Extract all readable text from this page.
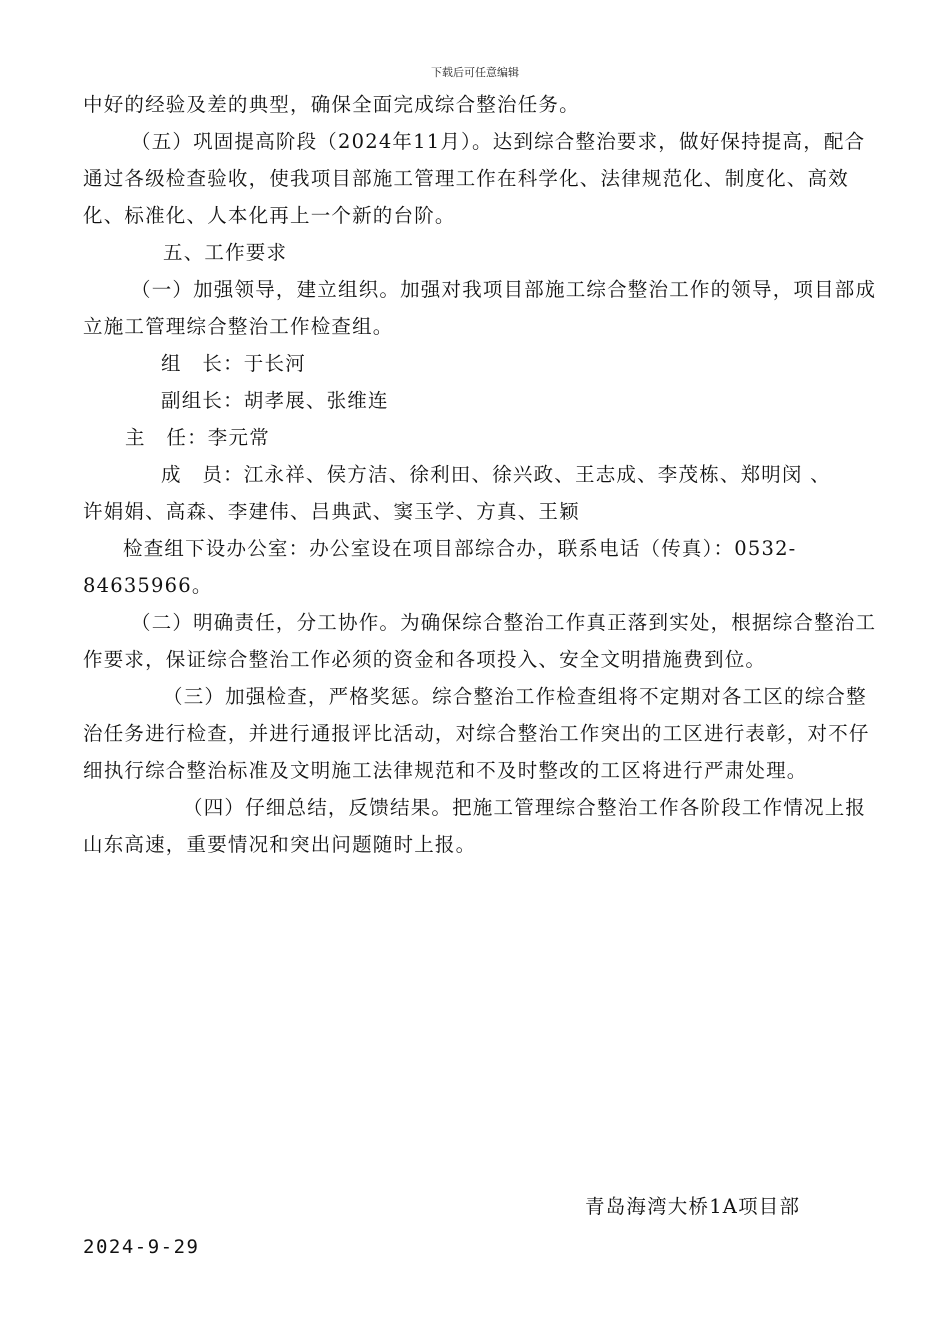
下载后可任意编辑

中好的经验及差的典型，确保全面完成综合整治任务。

（五）巩固提高阶段（2024年11月）。达到综合整治要求，做好保持提高，配合通过各级检查验收，使我项目部施工管理工作在科学化、法律规范化、制度化、高效化、标准化、人本化再上一个新的台阶。

五、工作要求

（一）加强领导，建立组织。加强对我项目部施工综合整治工作的领导，项目部成立施工管理综合整治工作检查组。

组　长：于长河

副组长：胡孝展、张维连

主　任：李元常

成　员：江永祥、侯方洁、徐利田、徐兴政、王志成、李茂栋、郑明闵 、

许娟娟、高森、李建伟、吕典武、窦玉学、方真、王颖

检查组下设办公室：办公室设在项目部综合办，联系电话（传真）：0532-84635966。

（二）明确责任，分工协作。为确保综合整治工作真正落到实处，根据综合整治工作要求，保证综合整治工作必须的资金和各项投入、安全文明措施费到位。

（三）加强检查，严格奖惩。综合整治工作检查组将不定期对各工区的综合整治任务进行检查，并进行通报评比活动，对综合整治工作突出的工区进行表彰，对不仔细执行综合整治标准及文明施工法律规范和不及时整改的工区将进行严肃处理。

（四）仔细总结，反馈结果。把施工管理综合整治工作各阶段工作情况上报山东高速，重要情况和突出问题随时上报。

青岛海湾大桥1A项目部
2024-9-29
